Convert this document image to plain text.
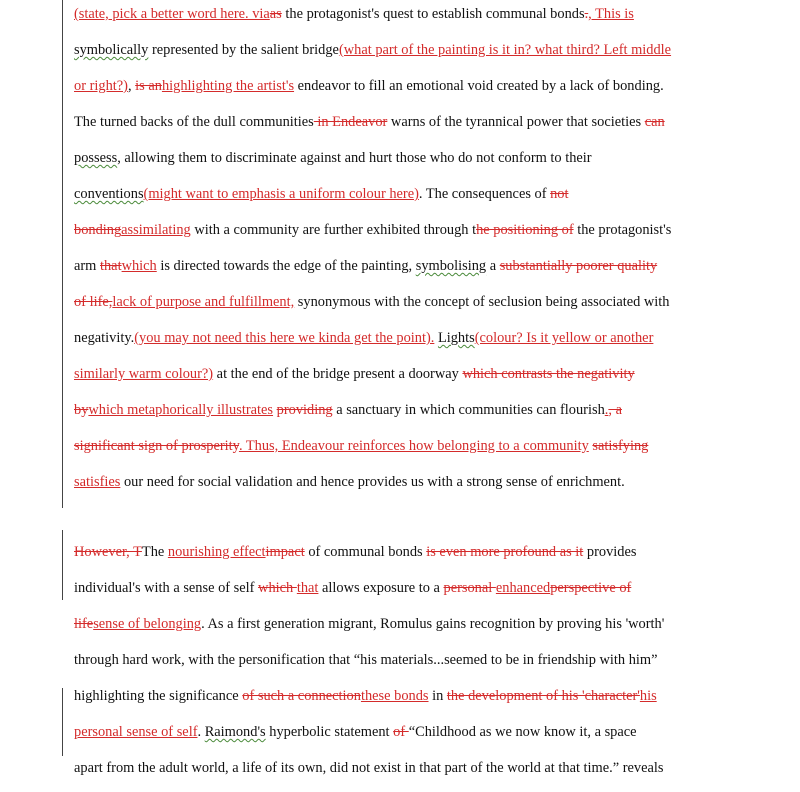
(state, pick a better word here. viaas the protagonist's quest to establish communal bonds., This is
symbolically represented by the salient bridge(what part of the painting is it in? what third? Left middle
or right?), is anhighlighting the artist's endeavor to fill an emotional void created by a lack of bonding.
The turned backs of the dull communities in Endeavor warns of the tyrannical power that societies can
possess, allowing them to discriminate against and hurt those who do not conform to their
conventions(might want to emphasis a uniform colour here). The consequences of not
bondingassimilating with a community are further exhibited through the positioning of the protagonist's
arm thatwhich is directed towards the edge of the painting, symbolising a substantially poorer quality
of life,lack of purpose and fulfillment, synonymous with the concept of seclusion being associated with
negativity.(you may not need this here we kinda get the point). Lights(colour? Is it yellow or another
similarly warm colour?) at the end of the bridge present a doorway which contrasts the negativity
bywhich metaphorically illustrates providing a sanctuary in which communities can flourish., a
significant sign of prosperity. Thus, Endeavour reinforces how belonging to a community satisfying
satisfies our need for social validation and hence provides us with a strong sense of enrichment.
However, TThe nourishing effectimpact of communal bonds is even more profound as it provides
individual's with a sense of self which that allows exposure to a personal enhancedperspective of
lifesense of belonging. As a first generation migrant, Romulus gains recognition by proving his 'worth'
through hard work, with the personification that “his materials...seemed to be in friendship with him”
highlighting the significance of such a connectionthese bonds in the development of his 'character'his
personal sense of self. Raimond's hyperbolic statement of “Childhood as we now know it, a space
apart from the adult world, a life of its own, did not exist in that part of the world at that time.” reveals
